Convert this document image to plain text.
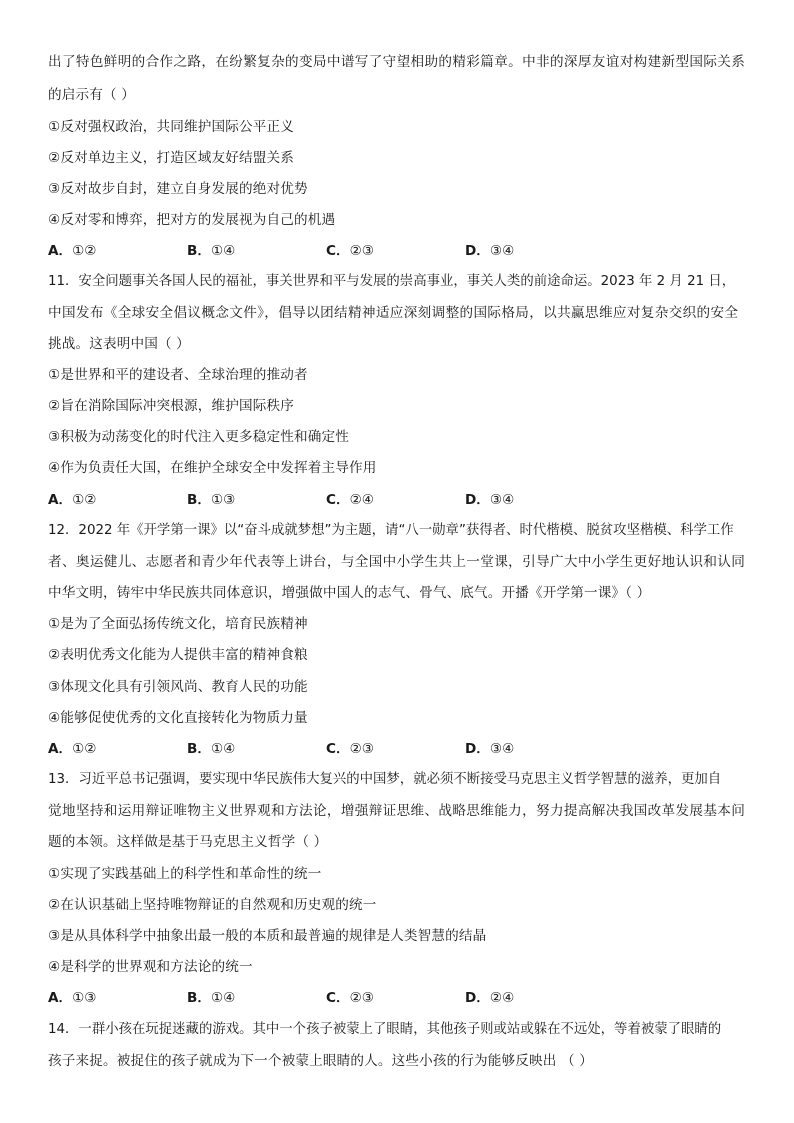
出了特色鲜明的合作之路，在纷繁复杂的变局中谱写了守望相助的精彩篇章。中非的深厚友谊对构建新型国际关系
的启示有（ ）
①反对强权政治，共同维护国际公平正义
②反对单边主义，打造区域友好结盟关系
③反对故步自封，建立自身发展的绝对优势
④反对零和博弈，把对方的发展视为自己的机遇
A．①②	B．①④	C．②③	D．③④
11．安全问题事关各国人民的福祉，事关世界和平与发展的崇高事业，事关人类的前途命运。2023 年 2 月 21 日，
中国发布《全球安全倡议概念文件》，倡导以团结精神适应深刻调整的国际格局，以共赢思维应对复杂交织的安全
挑战。这表明中国（ ）
①是世界和平的建设者、全球治理的推动者
②旨在消除国际冲突根源，维护国际秩序
③积极为动荡变化的时代注入更多稳定性和确定性
④作为负责任大国，在维护全球安全中发挥着主导作用
A．①②	B．①③	C．②④	D．③④
12．2022 年《开学第一课》以“奋斗成就梦想”为主题，请“八一勋章”获得者、时代楷模、脱贫攻坚楷模、科学工作
者、奥运健儿、志愿者和青少年代表等上讲台，与全国中小学生共上一堂课，引导广大中小学生更好地认识和认同
中华文明，铸牢中华民族共同体意识，增强做中国人的志气、骨气、底气。开播《开学第一课》（ ）
①是为了全面弘扬传统文化，培育民族精神
②表明优秀文化能为人提供丰富的精神食粮
③体现文化具有引领风尚、教育人民的功能
④能够促使优秀的文化直接转化为物质力量
A．①②	B．①④	C．②③	D．③④
13．习近平总书记强调，要实现中华民族伟大复兴的中国梦，就必须不断接受马克思主义哲学智慧的滋养，更加自
觉地坚持和运用辩证唯物主义世界观和方法论，增强辩证思维、战略思维能力，努力提高解决我国改革发展基本问
题的本领。这样做是基于马克思主义哲学（ ）
①实现了实践基础上的科学性和革命性的统一
②在认识基础上坚持唯物辩证的自然观和历史观的统一
③是从具体科学中抽象出最一般的本质和最普遍的规律是人类智慧的结晶
④是科学的世界观和方法论的统一
A．①③	B．①④	C．②③	D．②④
14．一群小孩在玩捉迷藏的游戏。其中一个孩子被蒙上了眼睛，其他孩子则或站或躲在不远处，等着被蒙了眼睛的
孩子来捉。被捉住的孩子就成为下一个被蒙上眼睛的人。这些小孩的行为能够反映出 （ ）
